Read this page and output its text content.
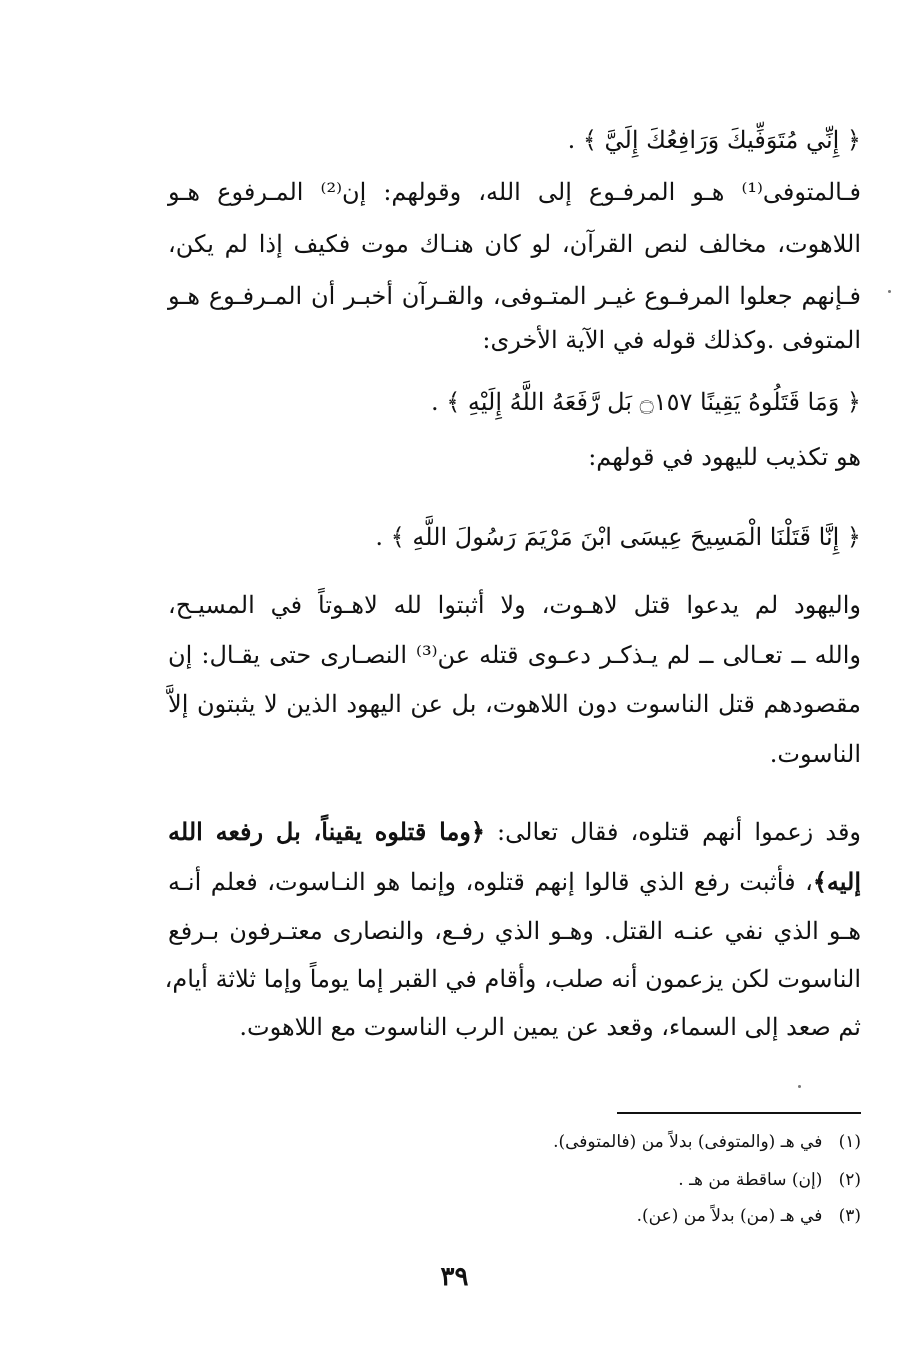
﴿ إِنِّي مُتَوَفِّيكَ وَرَافِعُكَ إِلَيَّ ﴾ .
فـالمتوفى⁽¹⁾ هـو المرفـوع إلى الله، وقولهم: إن⁽²⁾ المـرفوع هـو
اللاهوت، مخالف لنص القرآن، لو كان هنـاك موت فكيف إذا لم يكن،
فـإنهم جعلوا المرفـوع غيـر المتـوفى، والقـرآن أخبـر أن المـرفـوع هـو
المتوفى .وكذلك قوله في الآية الأخرى:
﴿ وَمَا قَتَلُوهُ يَقِينًا ۝١٥٧ بَل رَّفَعَهُ اللَّهُ إِلَيْهِ ﴾ .
هو تكذيب لليهود في قولهم:
﴿ إِنَّا قَتَلْنَا الْمَسِيحَ عِيسَى ابْنَ مَرْيَمَ رَسُولَ اللَّهِ ﴾ .
واليهود لم يدعوا قتل لاهـوت، ولا أثبتوا لله لاهـوتاً في المسيـح،
والله ــ تعـالى ــ لم يـذكـر دعـوى قتله عن⁽³⁾ النصـارى حتى يقـال: إن
مقصودهم قتل الناسوت دون اللاهوت، بل عن اليهود الذين لا يثبتون إلاَّ
الناسوت.
وقد زعموا أنهم قتلوه، فقال تعالى: ﴿وما قتلوه يقيناً، بل رفعه الله
إليه﴾، فأثبت رفع الذي قالوا إنهم قتلوه، وإنما هو النـاسوت، فعلم أنـه
هـو الذي نفي عنـه القتل. وهـو الذي رفـع، والنصارى معتـرفون بـرفع
الناسوت لكن يزعمون أنه صلب، وأقام في القبر إما يوماً وإما ثلاثة أيام،
ثم صعد إلى السماء، وقعد عن يمين الرب الناسوت مع اللاهوت.
(١)   في هـ (والمتوفى) بدلاً من (فالمتوفى).
(٢)   (إن) ساقطة من هـ .
(٣)   في هـ (من) بدلاً من (عن).
٣٩
